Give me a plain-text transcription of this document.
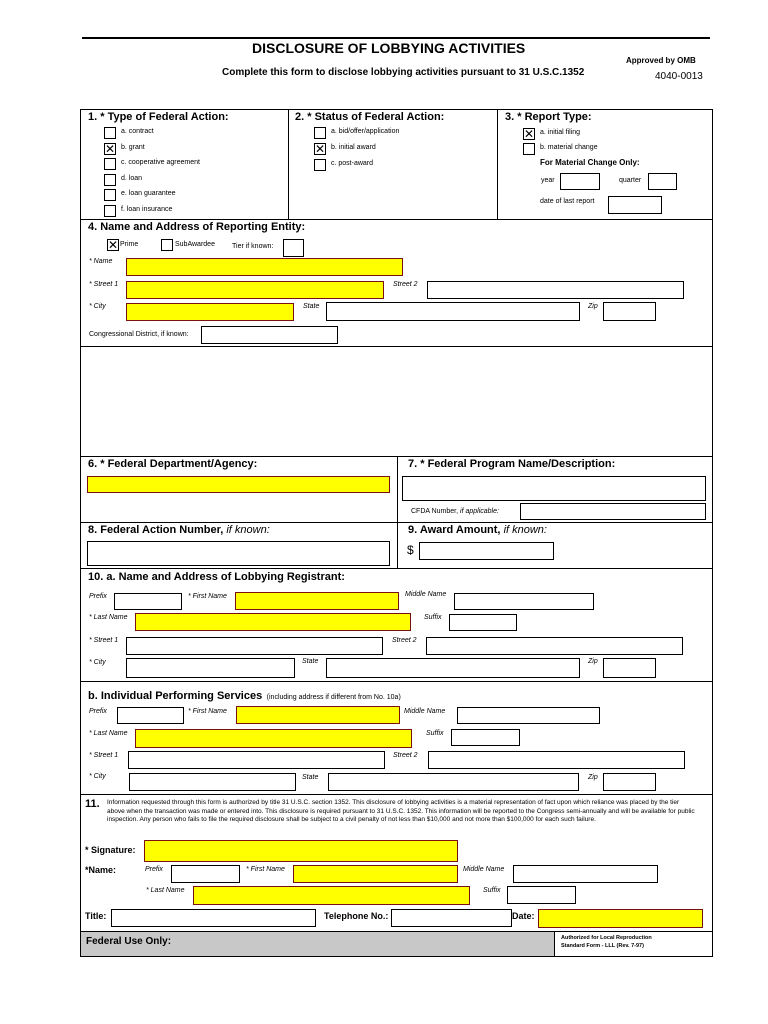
DISCLOSURE OF LOBBYING ACTIVITIES
Complete this form to disclose lobbying activities pursuant to 31 U.S.C.1352
Approved by OMB
4040-0013
1. * Type of Federal Action:
a. contract
✕ b. grant
c. cooperative agreement
d. loan
e. loan guarantee
f. loan insurance
2. * Status of Federal Action:
a. bid/offer/application
✕ b. initial award
c. post-award
3. * Report Type:
✕ a. initial filing
b. material change
For Material Change Only:
year	quarter
date of last report
4. Name and Address of Reporting Entity:
✕ Prime	SubAwardee Tier if known:
* Name
* Street 1	Street 2
* City	State	Zip
Congressional District, if known:
6. * Federal Department/Agency:	7. * Federal Program Name/Description:
CFDA Number, if applicable:
8. Federal Action Number, if known:	9. Award Amount, if known:
$
10. a. Name and Address of Lobbying Registrant:
Prefix	* First Name	Middle Name
* Last Name	Suffix
* Street 1	Street 2
* City	State	Zip
b. Individual Performing Services (including address if different from No. 10a)
Prefix	* First Name	Middle Name
* Last Name	Suffix
* Street 1	Street 2
* City	State	Zip
11. Information requested through this form is authorized by title 31 U.S.C. section 1352. This disclosure of lobbying activities is a material representation of fact upon which reliance was placed by the tier above when the transaction was made or entered into. This disclosure is required pursuant to 31 U.S.C. 1352. This information will be reported to the Congress semi-annually and will be available for public inspection. Any person who fails to file the required disclosure shall be subject to a civil penalty of not less than $10,000 and not more than $100,000 for each such failure.
* Signature:
*Name:	Prefix	* First Name	Middle Name
* Last Name	Suffix
Title:	Telephone No.:	Date:
Federal Use Only:	Authorized for Local Reproduction
Standard Form - LLL (Rev. 7-97)
